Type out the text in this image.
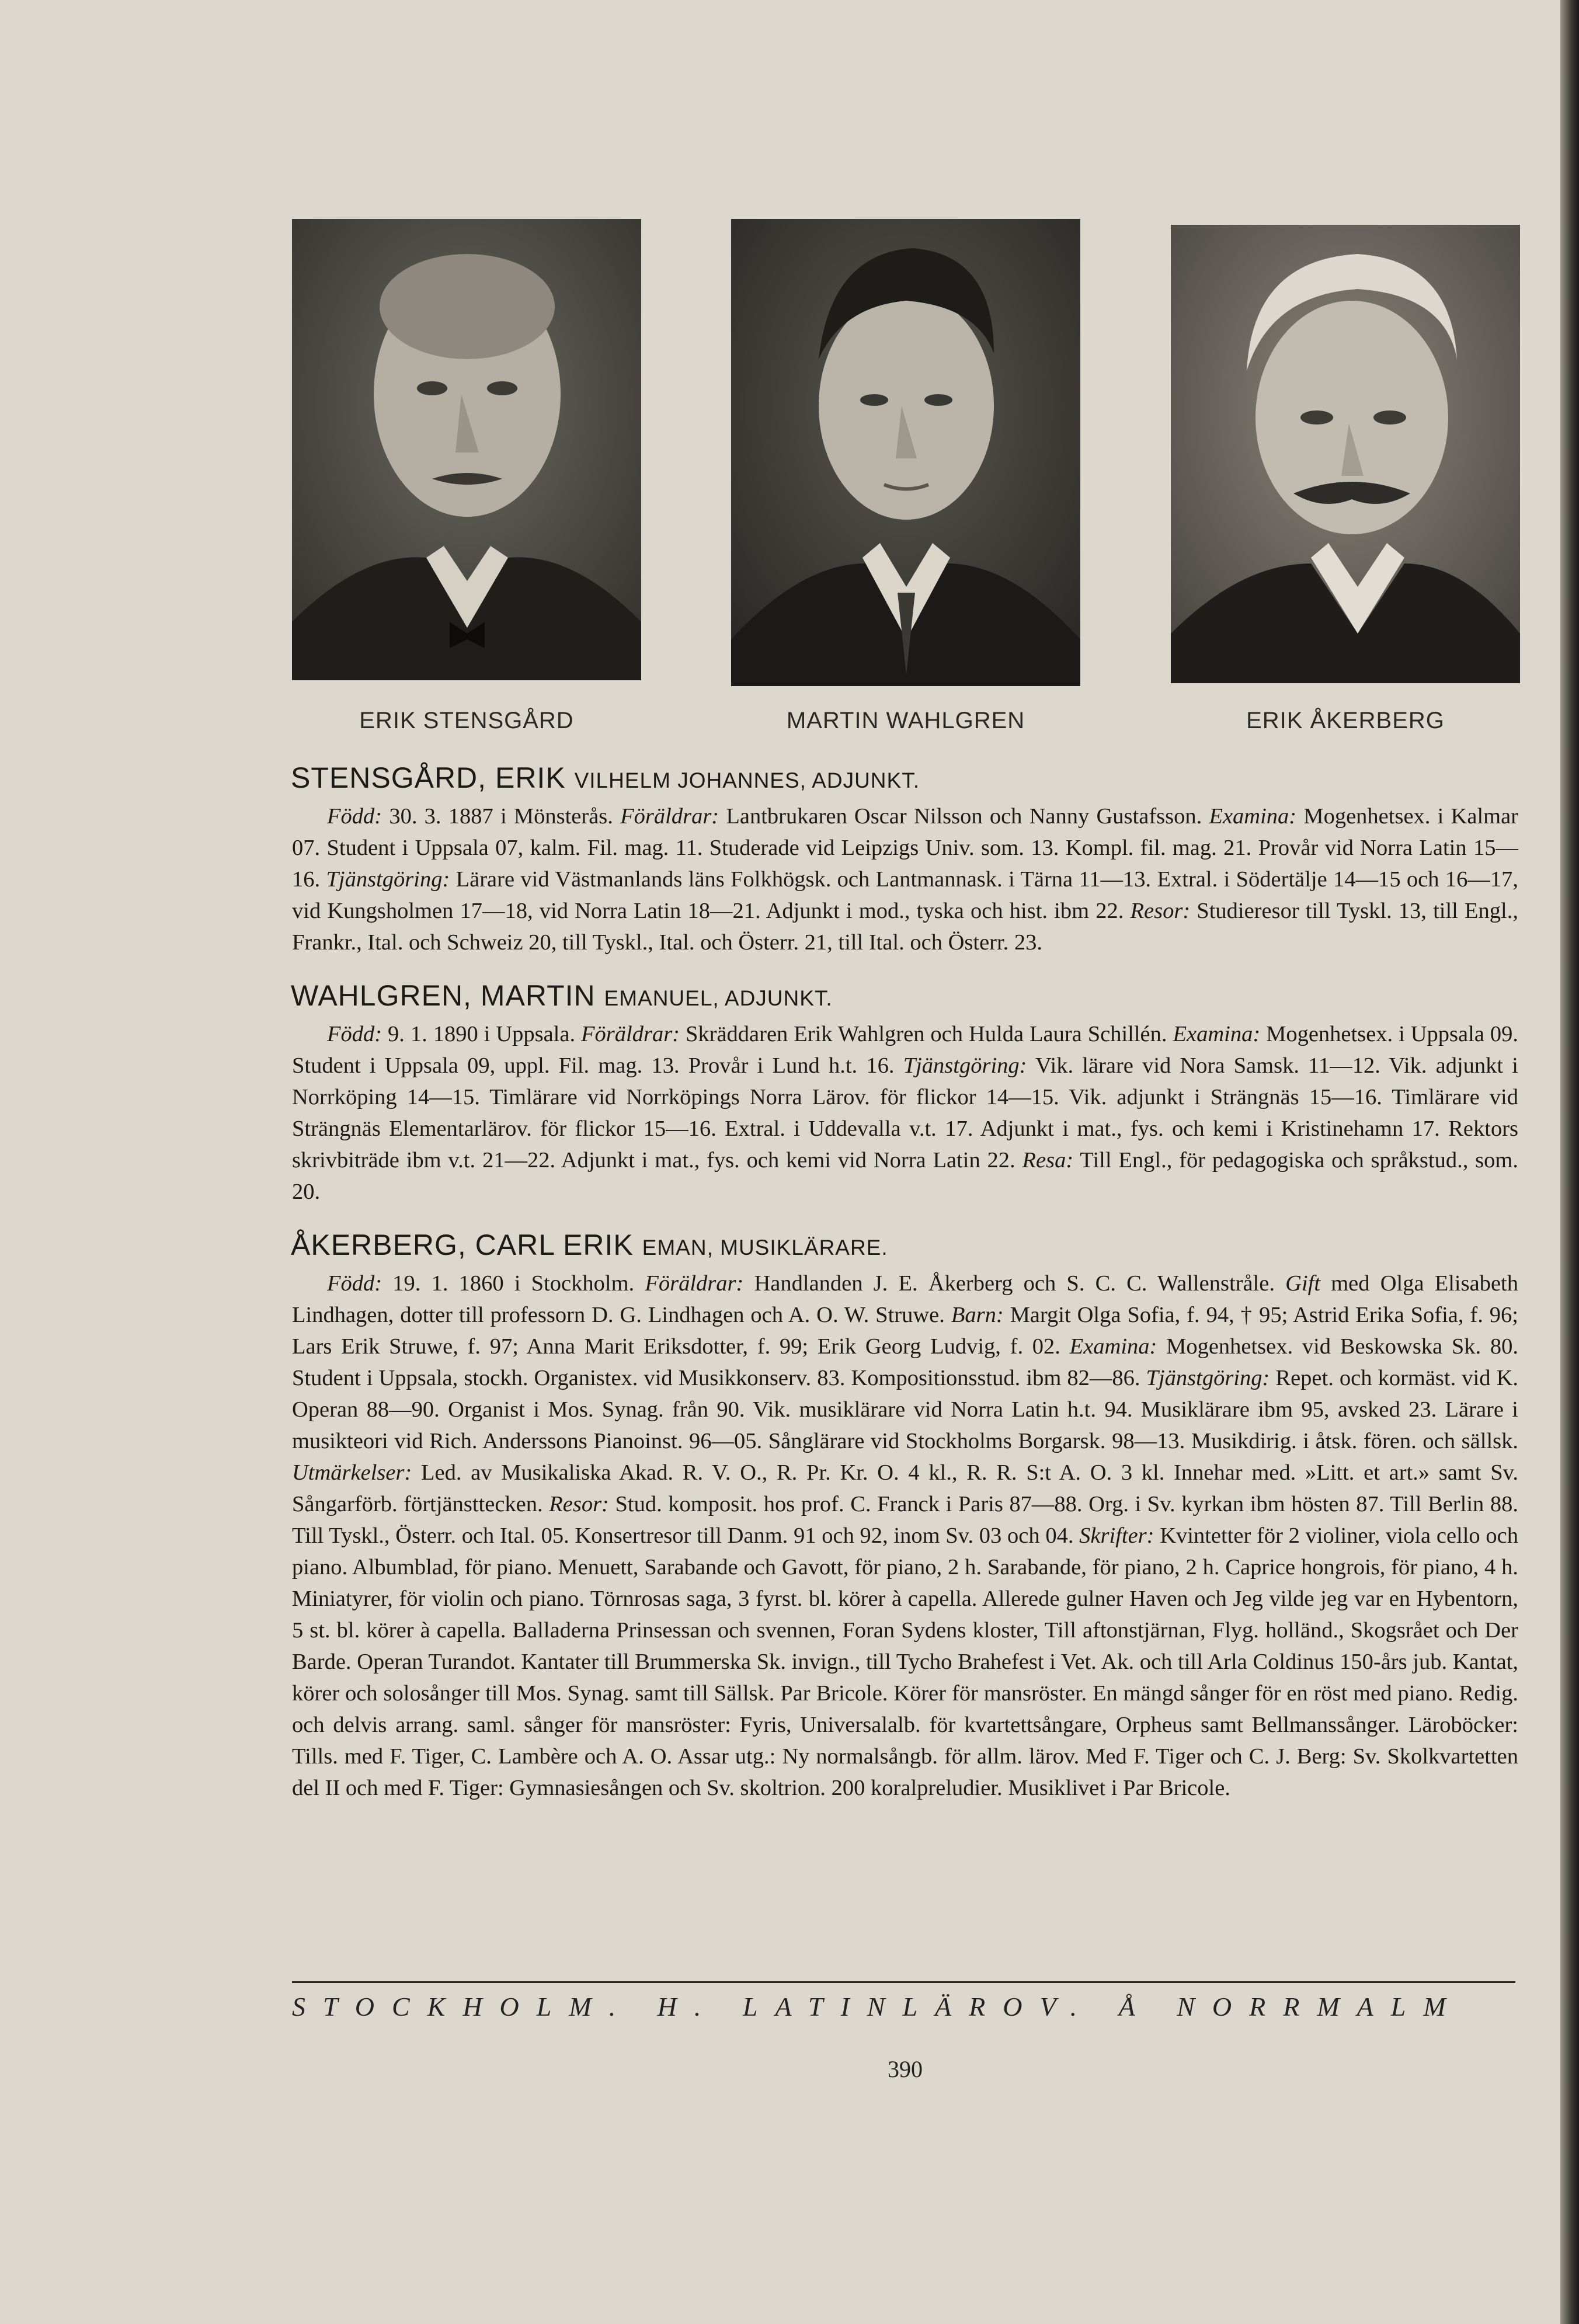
ERIK STENSGÅRD	MARTIN WAHLGREN	ERIK ÅKERBERG
STENSGÅRD, ERIK VILHELM JOHANNES, ADJUNKT.

Född: 30. 3. 1887 i Mönsterås. Föräldrar: Lantbrukaren Oscar Nilsson och Nanny Gustafsson. Examina: Mogenhetsex. i Kalmar 07. Student i Uppsala 07, kalm. Fil. mag. 11. Studerade vid Leipzigs Univ. som. 13. Kompl. fil. mag. 21. Provår vid Norra Latin 15—16. Tjänstgöring: Lärare vid Västmanlands läns Folkhögsk. och Lantmannask. i Tärna 11—13. Extral. i Södertälje 14—15 och 16—17, vid Kungsholmen 17—18, vid Norra Latin 18—21. Adjunkt i mod., tyska och hist. ibm 22. Resor: Studieresor till Tyskl. 13, till Engl., Frankr., Ital. och Schweiz 20, till Tyskl., Ital. och Österr. 21, till Ital. och Österr. 23.

WAHLGREN, MARTIN EMANUEL, ADJUNKT.

Född: 9. 1. 1890 i Uppsala. Föräldrar: Skräddaren Erik Wahlgren och Hulda Laura Schillén. Examina: Mogenhetsex. i Uppsala 09. Student i Uppsala 09, uppl. Fil. mag. 13. Provår i Lund h.t. 16. Tjänstgöring: Vik. lärare vid Nora Samsk. 11—12. Vik. adjunkt i Norrköping 14—15. Timlärare vid Norrköpings Norra Lärov. för flickor 14—15. Vik. adjunkt i Strängnäs 15—16. Timlärare vid Strängnäs Elementarlärov. för flickor 15—16. Extral. i Uddevalla v.t. 17. Adjunkt i mat., fys. och kemi i Kristinehamn 17. Rektors skrivbiträde ibm v.t. 21—22. Adjunkt i mat., fys. och kemi vid Norra Latin 22. Resa: Till Engl., för pedagogiska och språkstud., som. 20.

ÅKERBERG, CARL ERIK EMAN, MUSIKLÄRARE.

Född: 19. 1. 1860 i Stockholm. Föräldrar: Handlanden J. E. Åkerberg och S. C. C. Wallenstråle. Gift med Olga Elisabeth Lindhagen, dotter till professorn D. G. Lindhagen och A. O. W. Struwe. Barn: Margit Olga Sofia, f. 94, † 95; Astrid Erika Sofia, f. 96; Lars Erik Struwe, f. 97; Anna Marit Eriksdotter, f. 99; Erik Georg Ludvig, f. 02. Examina: Mogenhetsex. vid Beskowska Sk. 80. Student i Uppsala, stockh. Organistex. vid Musikkonserv. 83. Kompositionsstud. ibm 82—86. Tjänstgöring: Repet. och kormäst. vid K. Operan 88—90. Organist i Mos. Synag. från 90. Vik. musiklärare vid Norra Latin h.t. 94. Musiklärare ibm 95, avsked 23. Lärare i musikteori vid Rich. Anderssons Pianoinst. 96—05. Sånglärare vid Stockholms Borgarsk. 98—13. Musikdirig. i åtsk. fören. och sällsk. Utmärkelser: Led. av Musikaliska Akad. R. V. O., R. Pr. Kr. O. 4 kl., R. R. S:t A. O. 3 kl. Innehar med. »Litt. et art.» samt Sv. Sångarförb. förtjänsttecken. Resor: Stud. komposit. hos prof. C. Franck i Paris 87—88. Org. i Sv. kyrkan ibm hösten 87. Till Berlin 88. Till Tyskl., Österr. och Ital. 05. Konsertresor till Danm. 91 och 92, inom Sv. 03 och 04. Skrifter: Kvintetter för 2 violiner, viola cello och piano. Albumblad, för piano. Menuett, Sarabande och Gavott, för piano, 2 h. Sarabande, för piano, 2 h. Caprice hongrois, för piano, 4 h. Miniatyrer, för violin och piano. Törnrosas saga, 3 fyrst. bl. körer à capella. Allerede gulner Haven och Jeg vilde jeg var en Hybentorn, 5 st. bl. körer à capella. Balladerna Prinsessan och svennen, Foran Sydens kloster, Till aftonstjärnan, Flyg. holländ., Skogsrået och Der Barde. Operan Turandot. Kantater till Brummerska Sk. invign., till Tycho Brahefest i Vet. Ak. och till Arla Coldinus 150-års jub. Kantat, körer och solosånger till Mos. Synag. samt till Sällsk. Par Bricole. Körer för mansröster. En mängd sånger för en röst med piano. Redig. och delvis arrang. saml. sånger för mansröster: Fyris, Universalalb. för kvartettsångare, Orpheus samt Bellmanssånger. Läroböcker: Tills. med F. Tiger, C. Lambère och A. O. Assar utg.: Ny normalsångb. för allm. lärov. Med F. Tiger och C. J. Berg: Sv. Skolkvartetten del II och med F. Tiger: Gymnasiesången och Sv. skoltrion. 200 koralpreludier. Musiklivet i Par Bricole.

STOCKHOLM. H. LATINLÄROV. Å NORRMALM
390
